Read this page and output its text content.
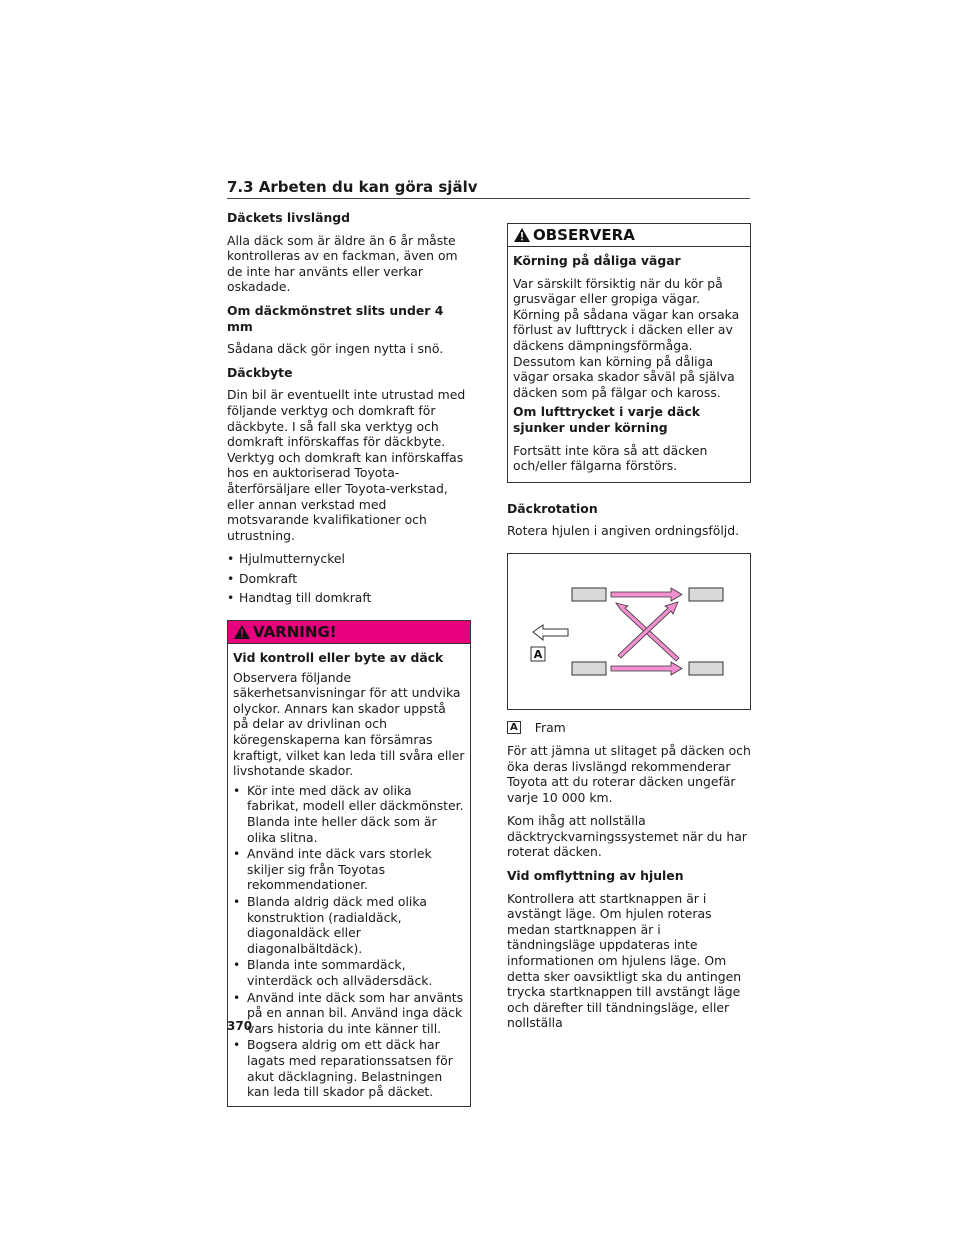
7.3 Arbeten du kan göra själv

Däckets livslängd

Alla däck som är äldre än 6 år måste kontrolleras av en fackman, även om de inte har använts eller verkar oskadade.

Om däckmönstret slits under 4 mm

Sådana däck gör ingen nytta i snö.

Däckbyte

Din bil är eventuellt inte utrustad med följande verktyg och domkraft för däckbyte. I så fall ska verktyg och domkraft införskaffas för däckbyte. Verktyg och domkraft kan införskaffas hos en auktoriserad Toyota-återförsäljare eller Toyota-verkstad, eller annan verkstad med motsvarande kvalifikationer och utrustning.

• Hjulmutternyckel
• Domkraft
• Handtag till domkraft
VARNING!

Vid kontroll eller byte av däck

Observera följande säkerhetsanvisningar för att undvika olyckor. Annars kan skador uppstå på delar av drivlinan och köregenskaperna kan försämras kraftigt, vilket kan leda till svåra eller livshotande skador.

• Kör inte med däck av olika fabrikat, modell eller däckmönster. Blanda inte heller däck som är olika slitna.
• Använd inte däck vars storlek skiljer sig från Toyotas rekommendationer.
• Blanda aldrig däck med olika konstruktion (radialdäck, diagonaldäck eller diagonalbältdäck).
• Blanda inte sommardäck, vinterdäck och allvädersdäck.
• Använd inte däck som har använts på en annan bil. Använd inga däck vars historia du inte känner till.
• Bogsera aldrig om ett däck har lagats med reparationssatsen för akut däcklagning. Belastningen kan leda till skador på däcket.
OBSERVERA

Körning på dåliga vägar

Var särskilt försiktig när du kör på grusvägar eller gropiga vägar. Körning på sådana vägar kan orsaka förlust av lufttryck i däcken eller av däckens dämpningsförmåga. Dessutom kan körning på dåliga vägar orsaka skador såväl på själva däcken som på fälgar och kaross.

Om lufttrycket i varje däck sjunker under körning

Fortsätt inte köra så att däcken och/eller fälgarna förstörs.

Däckrotation

Rotera hjulen i angiven ordningsföljd.

A
A Fram

För att jämna ut slitaget på däcken och öka deras livslängd rekommenderar Toyota att du roterar däcken ungefär varje 10 000 km.

Kom ihåg att nollställa däcktryckvarningssystemet när du har roterat däcken.

Vid omflyttning av hjulen

Kontrollera att startknappen är i avstängt läge. Om hjulen roteras medan startknappen är i tändningsläge uppdateras inte informationen om hjulens läge. Om detta sker oavsiktligt ska du antingen trycka startknappen till avstängt läge och därefter till tändningsläge, eller nollställa

370
